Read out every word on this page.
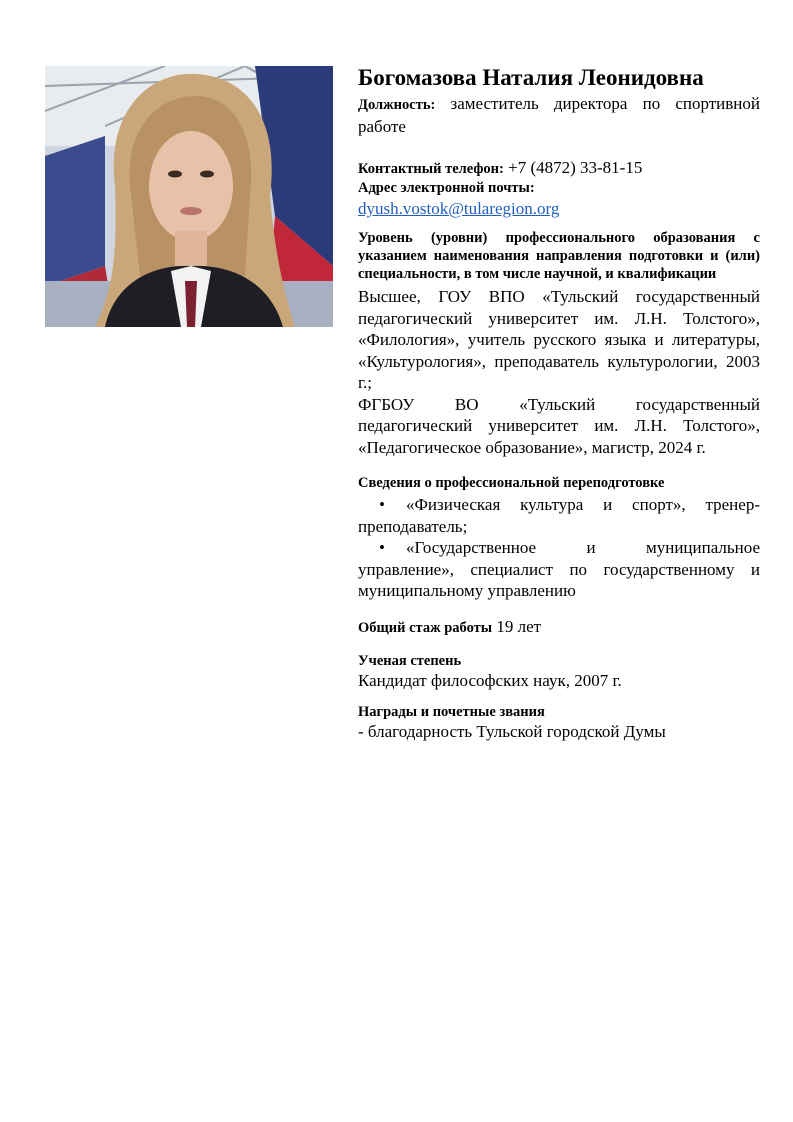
Богомазова Наталия Леонидовна
Должность: заместитель директора по спортивной работе
Контактный телефон: +7 (4872) 33-81-15
Адрес электронной почты:
dyush.vostok@tularegion.org
Уровень (уровни) профессионального образования с указанием наименования направления подготовки и (или) специальности, в том числе научной, и квалификации
Высшее, ГОУ ВПО «Тульский государственный педагогический университет им. Л.Н. Толстого», «Филология», учитель русского языка и литературы, «Культурология», преподаватель культурологии, 2003 г.;
ФГБОУ ВО «Тульский государственный педагогический университет им. Л.Н. Толстого», «Педагогическое образование», магистр, 2024 г.
Сведения о профессиональной переподготовке
• «Физическая культура и спорт», тренер-преподаватель;
• «Государственное и муниципальное управление», специалист по государственному и муниципальному управлению
Общий стаж работы 19 лет
Ученая степень
Кандидат философских наук, 2007 г.
Награды и почетные звания
- благодарность Тульской городской Думы
